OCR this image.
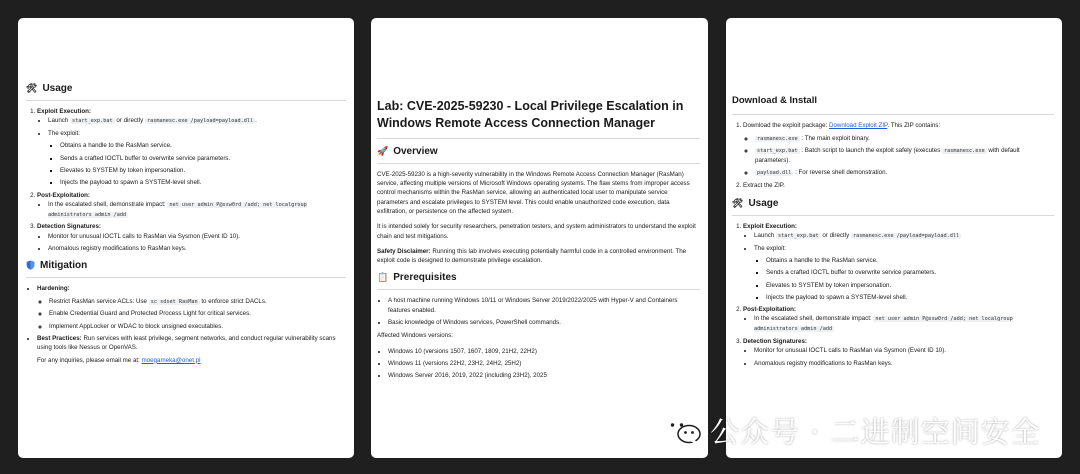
🛠 Usage
1. Exploit Execution:
• Launch start_exp.bat or directly rasmanesc.exe /payload=payload.dll .
• The exploit:
▪ Obtains a handle to the RasMan service.
▪ Sends a crafted IOCTL buffer to overwrite service parameters.
▪ Elevates to SYSTEM by token impersonation.
▪ Injects the payload to spawn a SYSTEM-level shell.
2. Post-Exploitation:
• In the escalated shell, demonstrate impact: net user admin P@ssw0rd /add; net localgroup administrators admin /add
3. Detection Signatures:
• Monitor for unusual IOCTL calls to RasMan via Sysmon (Event ID 10).
• Anomalous registry modifications to RasMan keys.
Mitigation
• Hardening:
◦ Restrict RasMan service ACLs: Use sc sdset RasMan to enforce strict DACLs.
◦ Enable Credential Guard and Protected Process Light for critical services.
◦ Implement AppLocker or WDAC to block unsigned executables.
• Best Practices: Run services with least privilege, segment networks, and conduct regular vulnerability scans using tools like Nessus or OpenVAS.

For any inquiries, please email me at: moegameka@onet.pl

Lab: CVE-2025-59230 - Local Privilege Escalation in Windows Remote Access Connection Manager
🚀 Overview

CVE-2025-59230 is a high-severity vulnerability in the Windows Remote Access Connection Manager (RasMan) service, affecting multiple versions of Microsoft Windows operating systems. The flaw stems from improper access control mechanisms within the RasMan service, allowing an authenticated local user to manipulate service parameters and escalate privileges to SYSTEM level. This could enable unauthorized code execution, data exfiltration, or persistence on the affected system.

It is intended solely for security researchers, penetration testers, and system administrators to understand the exploit chain and test mitigations.

Safety Disclaimer: Running this lab involves executing potentially harmful code in a controlled environment. The exploit code is designed to demonstrate privilege escalation.

📋 Prerequisites
• A host machine running Windows 10/11 or Windows Server 2019/2022/2025 with Hyper-V and Containers features enabled.
• Basic knowledge of Windows services, PowerShell commands.

Affected Windows versions:

• Windows 10 (versions 1507, 1607, 1809, 21H2, 22H2)
• Windows 11 (versions 22H2, 23H2, 24H2, 25H2)
• Windows Server 2016, 2019, 2022 (including 23H2), 2025
Download & Install
1. Download the exploit package: Download Exploit ZIP. This ZIP contains:
◦ rasmanesc.exe : The main exploit binary.
◦ start_exp.bat : Batch script to launch the exploit safely (executes rasmanesc.exe with default parameters).
◦ payload.dll : For reverse shell demonstration.
2. Extract the ZIP.
🛠 Usage
1. Exploit Execution:
• Launch start_exp.bat or directly rasmanesc.exe /payload=payload.dll
• The exploit:
▪ Obtains a handle to the RasMan service.
▪ Sends a crafted IOCTL buffer to overwrite service parameters.
▪ Elevates to SYSTEM by token impersonation.
▪ Injects the payload to spawn a SYSTEM-level shell.
2. Post-Exploitation:
• In the escalated shell, demonstrate impact: net user admin P@ssw0rd /add; net localgroup administrators admin /add
3. Detection Signatures:
• Monitor for unusual IOCTL calls to RasMan via Sysmon (Event ID 10).
• Anomalous registry modifications to RasMan keys.
公众号 · 二进制空间安全
